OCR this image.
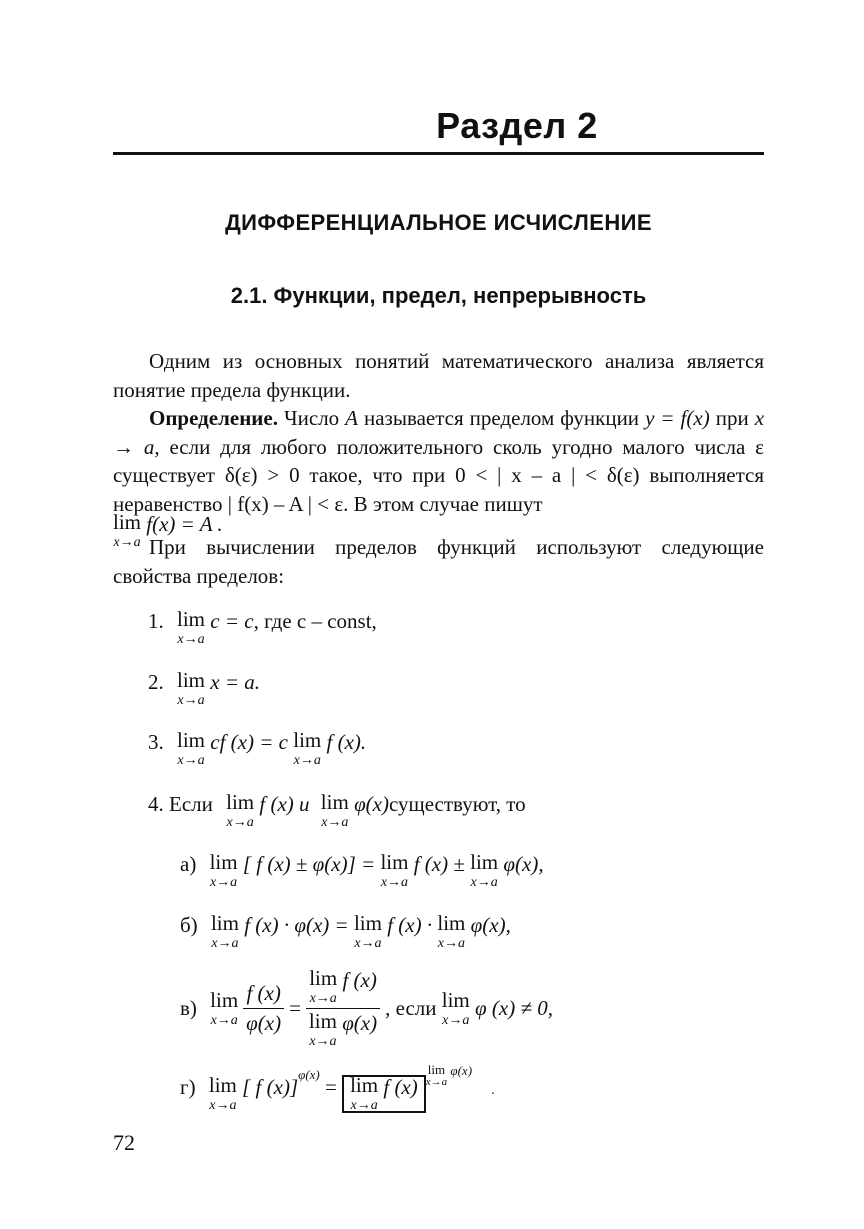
Раздел 2
ДИФФЕРЕНЦИАЛЬНОЕ ИСЧИСЛЕНИЕ
2.1. Функции, предел, непрерывность
Одним из основных понятий математического анализа является понятие предела функции.
Определение. Число A называется пределом функции y = f(x) при x → a, если для любого положительного сколь угодно малого числа ε существует δ(ε) > 0 такое, что при 0 < | x – a | < δ(ε) выполняется неравенство | f(x) – A | < ε. В этом случае пишут
lim
x→a
f(x) = A .
При вычислении пределов функций используют следующие свойства пределов:
1. lim
x→a
c = c, где c – const,
2. lim
x→a
x = a.
3. lim
x→a
cf (x) = c lim
x→a
f (x).
4. Если lim
x→a
f (x) и lim
x→a
φ(x)существуют, то
а) lim
x→a
[ f (x) ± φ(x)] = lim
x→a
f (x) ± lim
x→a
φ(x),
б) lim
x→a
f (x) · φ(x) = lim
x→a
f (x) · lim
x→a
φ(x),
в) lim
x→a
$\frac{f (x)}{\varphi(x)} = \lim$
x→a
f (x)
lim
x→a
φ(x) , если lim
x→a
φ (x) ≠ 0,
г) lim
x→a
[ f (x)]$^{\varphi(x)}$ = lim
x→a
f (x)
lim
x→a
φ(x) .
72
